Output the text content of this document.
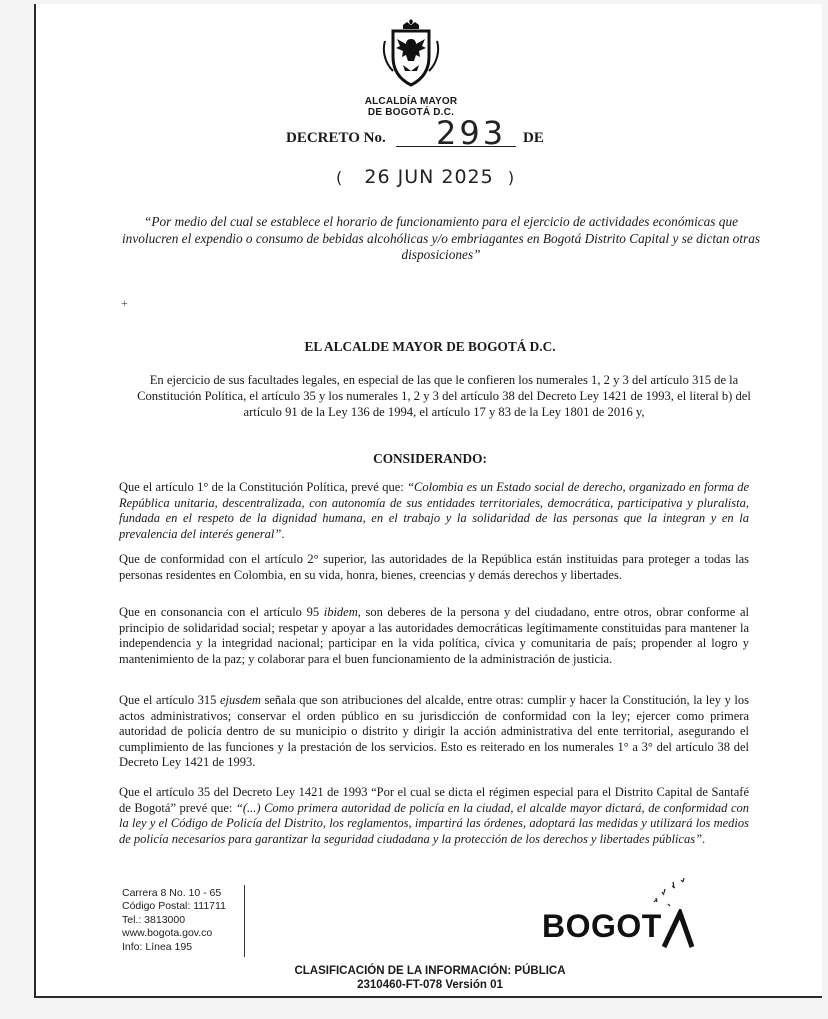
ALCALDÍA MAYOR
DE BOGOTÁ D.C.
DECRETO No. 293 DE
( 26 JUN 2025 )
“Por medio del cual se establece el horario de funcionamiento para el ejercicio de actividades económicas que involucren el expendio o consumo de bebidas alcohólicas y/o embriagantes en Bogotá Distrito Capital y se dictan otras disposiciones”
+
EL ALCALDE MAYOR DE BOGOTÁ D.C.
En ejercicio de sus facultades legales, en especial de las que le confieren los numerales 1, 2 y 3 del artículo 315 de la Constitución Política, el artículo 35 y los numerales 1, 2 y 3 del artículo 38 del Decreto Ley 1421 de 1993, el literal b) del artículo 91 de la Ley 136 de 1994, el artículo 17 y 83 de la Ley 1801 de 2016 y,
CONSIDERANDO:
Que el artículo 1° de la Constitución Política, prevé que: “Colombia es un Estado social de derecho, organizado en forma de República unitaria, descentralizada, con autonomía de sus entidades territoriales, democrática, participativa y pluralista, fundada en el respeto de la dignidad humana, en el trabajo y la solidaridad de las personas que la integran y en la prevalencia del interés general”.
Que de conformidad con el artículo 2° superior, las autoridades de la República están instituidas para proteger a todas las personas residentes en Colombia, en su vida, honra, bienes, creencias y demás derechos y libertades.
Que en consonancia con el artículo 95 ibidem, son deberes de la persona y del ciudadano, entre otros, obrar conforme al principio de solidaridad social; respetar y apoyar a las autoridades democráticas legítimamente constituidas para mantener la independencia y la integridad nacional; participar en la vida política, cívica y comunitaria de país; propender al logro y mantenimiento de la paz; y colaborar para el buen funcionamiento de la administración de justicia.
Que el artículo 315 ejusdem señala que son atribuciones del alcalde, entre otras: cumplir y hacer la Constitución, la ley y los actos administrativos; conservar el orden público en su jurisdicción de conformidad con la ley; ejercer como primera autoridad de policía dentro de su municipio o distrito y dirigir la acción administrativa del ente territorial, asegurando el cumplimiento de las funciones y la prestación de los servicios. Esto es reiterado en los numerales 1° a 3° del artículo 38 del Decreto Ley 1421 de 1993.
Que el artículo 35 del Decreto Ley 1421 de 1993 “Por el cual se dicta el régimen especial para el Distrito Capital de Santafé de Bogotá” prevé que: “(...) Como primera autoridad de policía en la ciudad, el alcalde mayor dictará, de conformidad con la ley y el Código de Policía del Distrito, los reglamentos, impartirá las órdenes, adoptará las medidas y utilizará los medios de policía necesarios para garantizar la seguridad ciudadana y la protección de los derechos y libertades públicas”.
Carrera 8 No. 10 - 65
Código Postal: 111711
Tel.: 3813000
www.bogota.gov.co
Info: Línea 195
BOGOT
CLASIFICACIÓN DE LA INFORMACIÓN: PÚBLICA
2310460-FT-078 Versión 01
